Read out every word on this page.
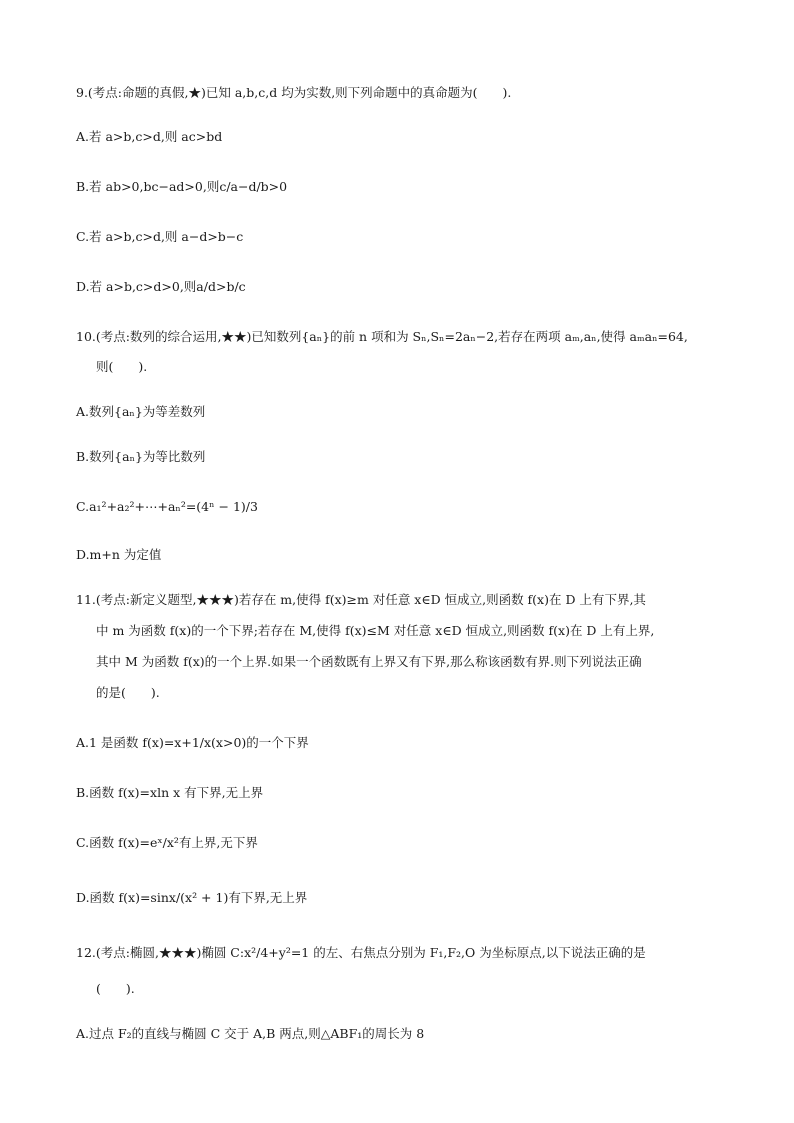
9.(考点:命题的真假,★)已知 a,b,c,d 均为实数,则下列命题中的真命题为(　　).
A.若 a>b,c>d,则 ac>bd
B.若 ab>0,bc−ad>0,则c/a−d/b>0
C.若 a>b,c>d,则 a−d>b−c
D.若 a>b,c>d>0,则a/d>b/c
10.(考点:数列的综合运用,★★)已知数列{aₙ}的前 n 项和为 Sₙ,Sₙ=2aₙ−2,若存在两项 aₘ,aₙ,使得 aₘaₙ=64,
则(　　).
A.数列{aₙ}为等差数列
B.数列{aₙ}为等比数列
C.a₁²+a₂²+⋯+aₙ²=(4ⁿ − 1)/3
D.m+n 为定值
11.(考点:新定义题型,★★★)若存在 m,使得 f(x)≥m 对任意 x∈D 恒成立,则函数 f(x)在 D 上有下界,其
中 m 为函数 f(x)的一个下界;若存在 M,使得 f(x)≤M 对任意 x∈D 恒成立,则函数 f(x)在 D 上有上界,
其中 M 为函数 f(x)的一个上界.如果一个函数既有上界又有下界,那么称该函数有界.则下列说法正确
的是(　　).
A.1 是函数 f(x)=x+1/x(x>0)的一个下界
B.函数 f(x)=xln x 有下界,无上界
C.函数 f(x)=eˣ/x²有上界,无下界
D.函数 f(x)=sinx/(x² + 1)有下界,无上界
12.(考点:椭圆,★★★)椭圆 C:x²/4+y²=1 的左、右焦点分别为 F₁,F₂,O 为坐标原点,以下说法正确的是
(　　).
A.过点 F₂的直线与椭圆 C 交于 A,B 两点,则△ABF₁的周长为 8
